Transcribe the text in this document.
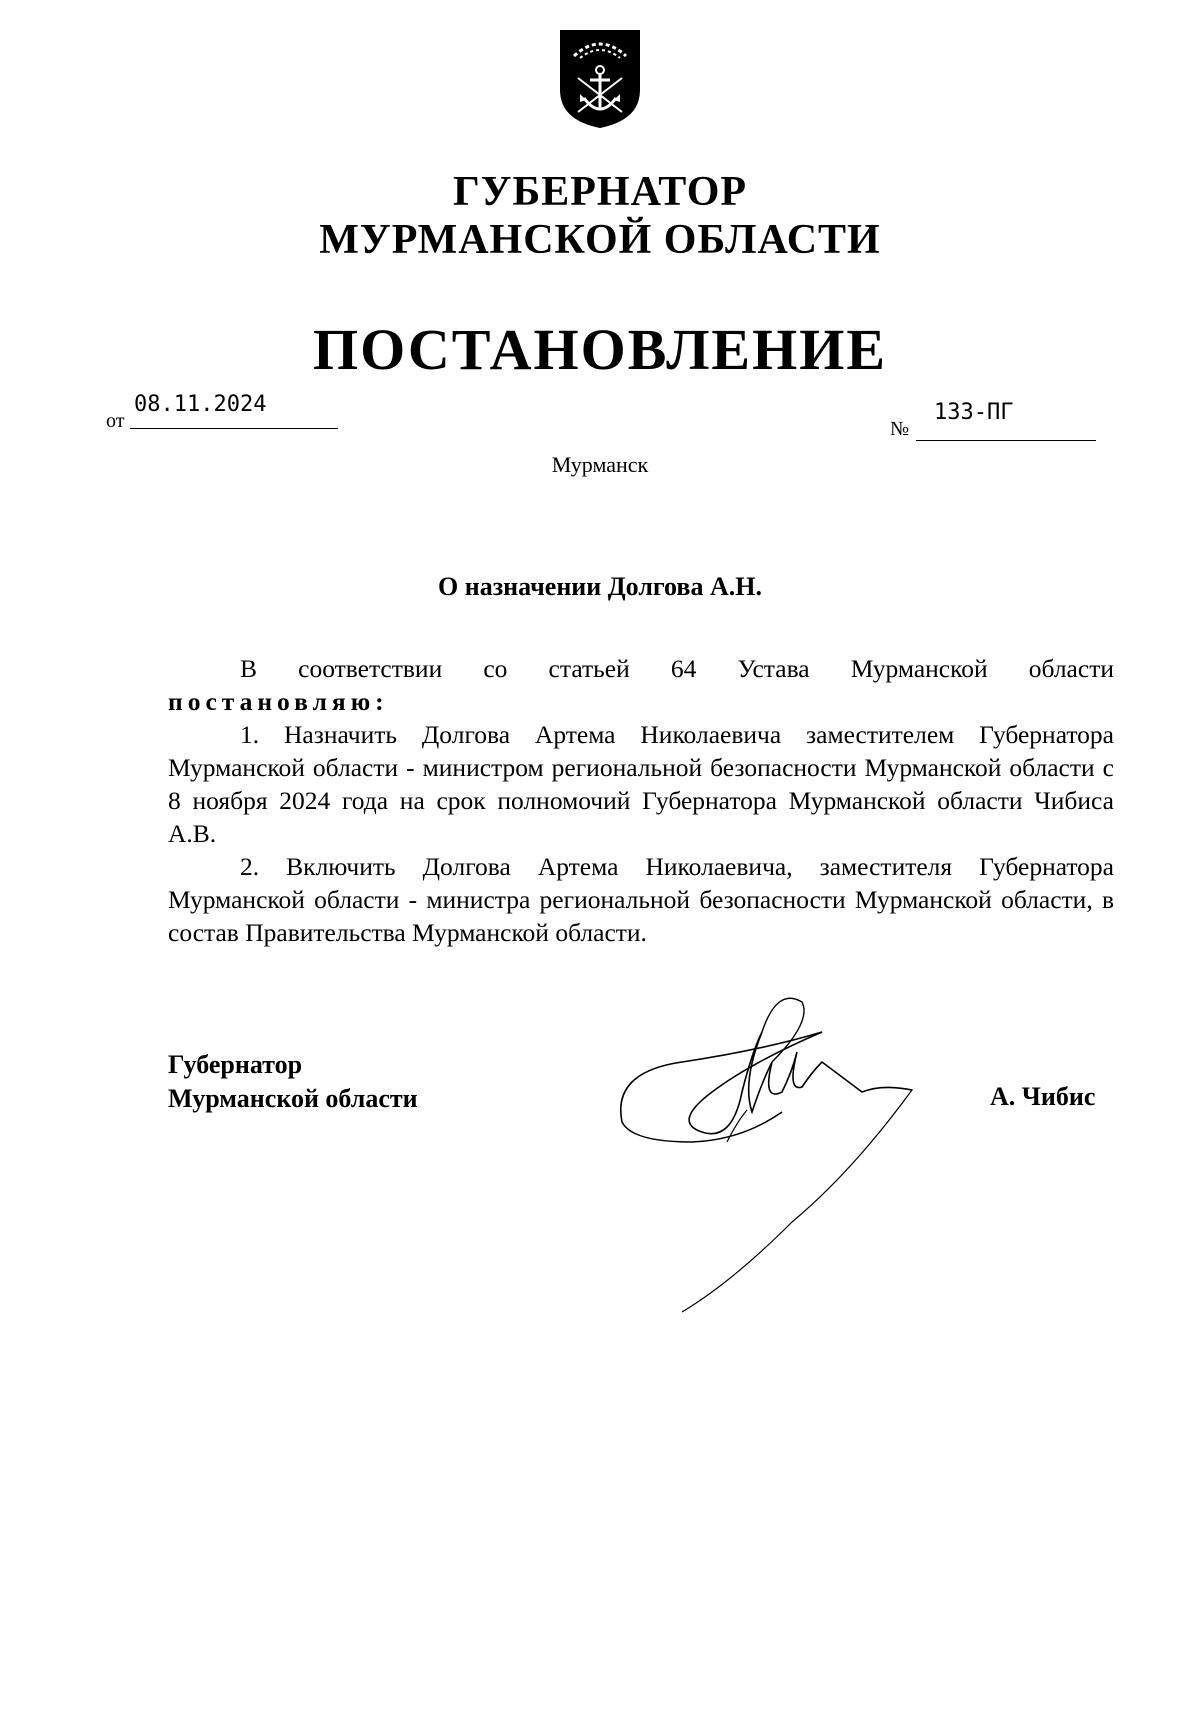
ГУБЕРНАТОР
МУРМАНСКОЙ ОБЛАСТИ
ПОСТАНОВЛЕНИЕ
от
08.11.2024
№
133-ПГ
Мурманск
О назначении Долгова А.Н.

В соответствии со статьей 64 Устава Мурманской области

постановляю:

1. Назначить Долгова Артема Николаевича заместителем Губернатора Мурманской области - министром региональной безопасности Мурманской области с 8 ноября 2024 года на срок полномочий Губернатора Мурманской области Чибиса А.В.

2. Включить Долгова Артема Николаевича, заместителя Губернатора Мурманской области - министра региональной безопасности Мурманской области, в состав Правительства Мурманской области.

Губернатор
Мурманской области	А. Чибис
